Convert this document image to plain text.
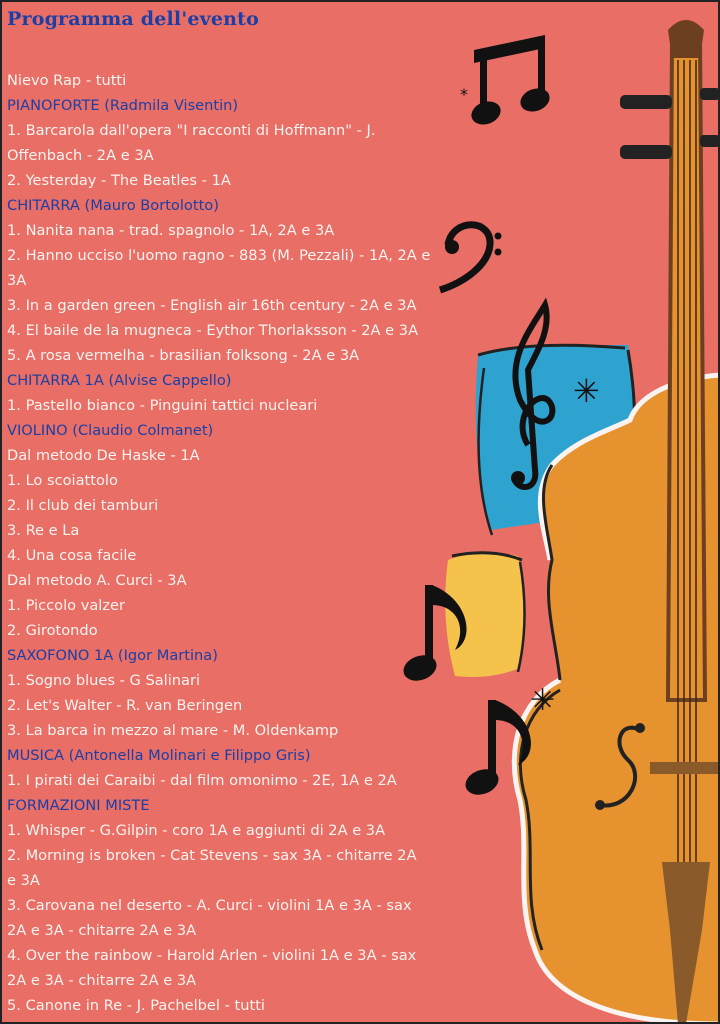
*
✳
✳
Programma dell'evento
Nievo Rap - tutti
PIANOFORTE (Radmila Visentin)
1. Barcarola dall'opera "I racconti di Hoffmann" - J.
Offenbach - 2A e 3A
2. Yesterday - The Beatles - 1A
CHITARRA (Mauro Bortolotto)
1. Nanita nana - trad. spagnolo - 1A, 2A e 3A
2. Hanno ucciso l'uomo ragno - 883 (M. Pezzali) - 1A, 2A e
3A
3. In a garden green - English air 16th century - 2A e 3A
4. El baile de la mugneca - Eythor Thorlaksson - 2A e 3A
5. A rosa vermelha - brasilian folksong - 2A e 3A
CHITARRA 1A (Alvise Cappello)
1. Pastello bianco - Pinguini tattici nucleari
VIOLINO (Claudio Colmanet)
Dal metodo De Haske - 1A
1. Lo scoiattolo
2. Il club dei tamburi
3. Re e La
4. Una cosa facile
Dal metodo A. Curci - 3A
1. Piccolo valzer
2. Girotondo
SAXOFONO 1A (Igor Martina)
1. Sogno blues - G Salinari
2. Let's Walter - R. van Beringen
3. La barca in mezzo al mare - M. Oldenkamp
MUSICA (Antonella Molinari e Filippo Gris)
1. I pirati dei Caraibi - dal film omonimo - 2E, 1A e 2A
FORMAZIONI MISTE
1. Whisper - G.Gilpin - coro 1A e aggiunti di 2A e 3A
2. Morning is broken - Cat Stevens - sax 3A - chitarre 2A
e 3A
3. Carovana nel deserto - A. Curci - violini 1A e 3A - sax
2A e 3A - chitarre 2A e 3A
4. Over the rainbow - Harold Arlen - violini 1A e 3A - sax
2A e 3A - chitarre 2A e 3A
5. Canone in Re - J. Pachelbel - tutti
